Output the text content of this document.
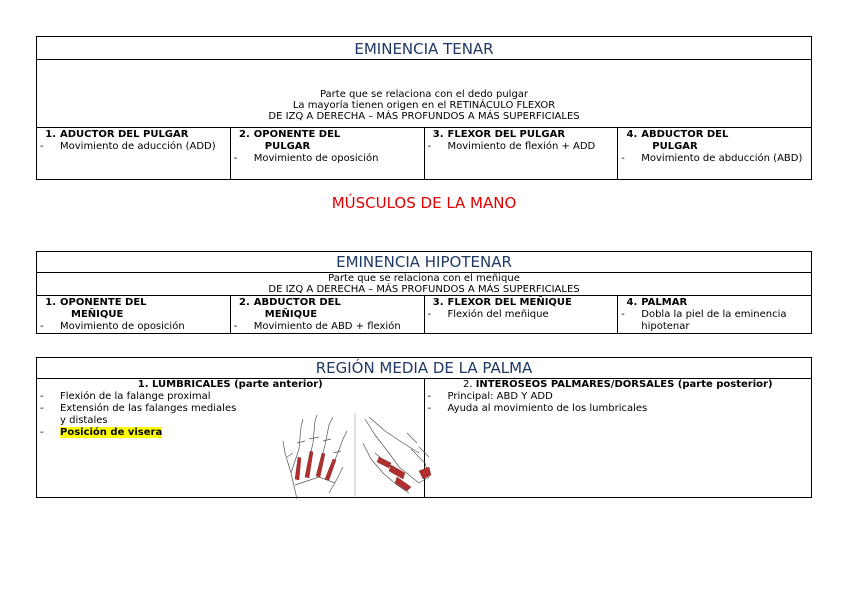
EMINENCIA TENAR

Parte que se relaciona con el dedo pulgar
La mayoría tienen origen en el RETINÁCULO FLEXOR
DE IZQ A DERECHA – MÁS PROFUNDOS A MÁS SUPERFICIALES

1. ADUCTOR DEL PULGAR
- Movimiento de aducción (ADD)

2. OPONENTE DEL
PULGAR
- Movimiento de oposición

3. FLEXOR DEL PULGAR
- Movimiento de flexión + ADD

4. ABDUCTOR DEL
PULGAR
- Movimiento de abducción (ABD)
MÚSCULOS DE LA MANO
EMINENCIA HIPOTENAR

Parte que se relaciona con el meñique
DE IZQ A DERECHA – MÁS PROFUNDOS A MÁS SUPERFICIALES

1. OPONENTE DEL
MEÑIQUE
- Movimiento de oposición

2. ABDUCTOR DEL
MEÑIQUE
- Movimiento de ABD + flexión

3. FLEXOR DEL MEÑIQUE
- Flexión del meñique

4. PALMAR
- Dobla la piel de la eminencia hipotenar
REGIÓN MEDIA DE LA PALMA

1. LUMBRICALES (parte anterior)
- Flexión de la falange proximal
- Extensión de las falanges mediales y distales
- Posición de visera

2. INTERÓSEOS PALMARES/DORSALES (parte posterior)
- Principal: ABD Y ADD
- Ayuda al movimiento de los lumbricales
